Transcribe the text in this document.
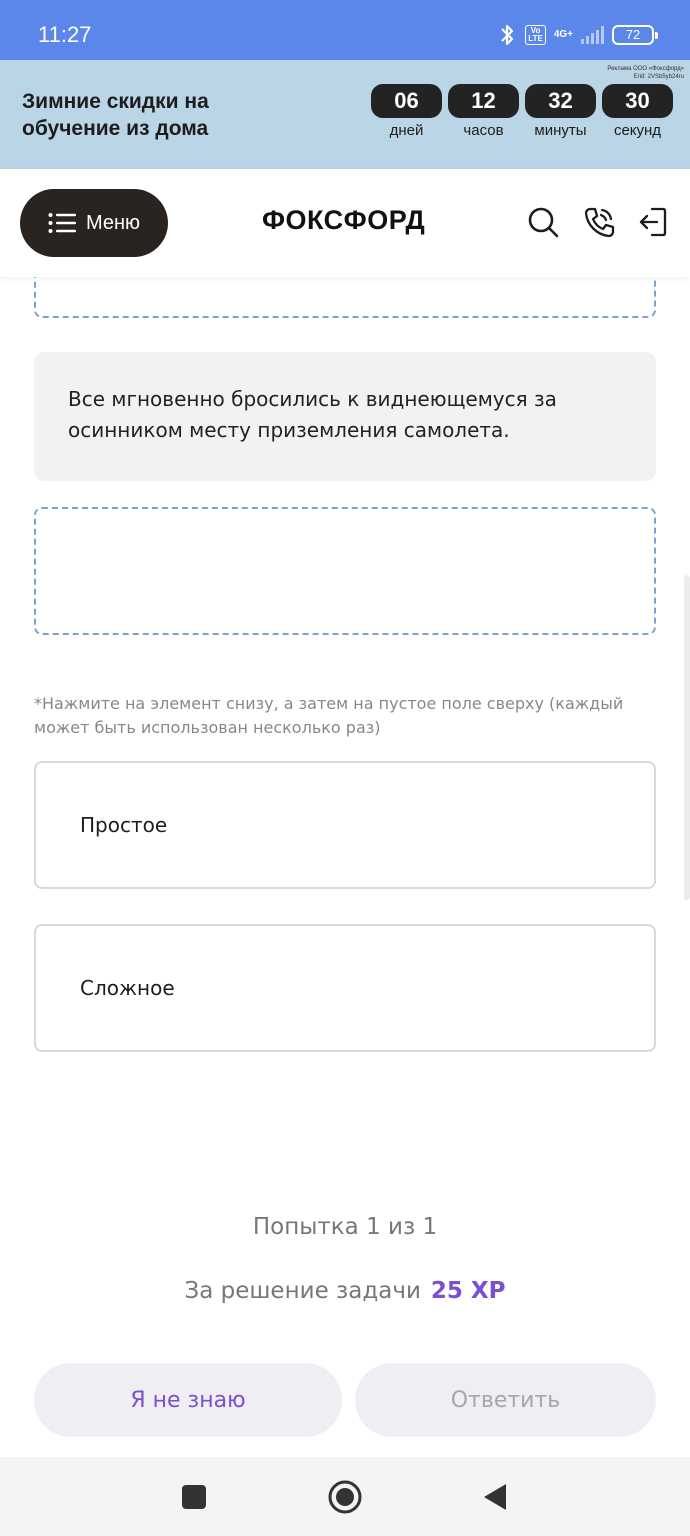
11:27	Vo
LTE	4G+	72
Реклама ООО «Фоксфорд»
Erid: 2VSb5yb24ru
Зимние скидки на обучение из дома
06
дней
12
часов
32
минуты
30
секунд
Меню	ФОКСФОРД
Все мгновенно бросились к виднеющемуся за осинником месту приземления самолета.
*Нажмите на элемент снизу, а затем на пустое поле сверху (каждый может быть использован несколько раз)
Простое
Сложное
Попытка 1 из 1
За решение задачи 25 XP
Я не знаю	Ответить
